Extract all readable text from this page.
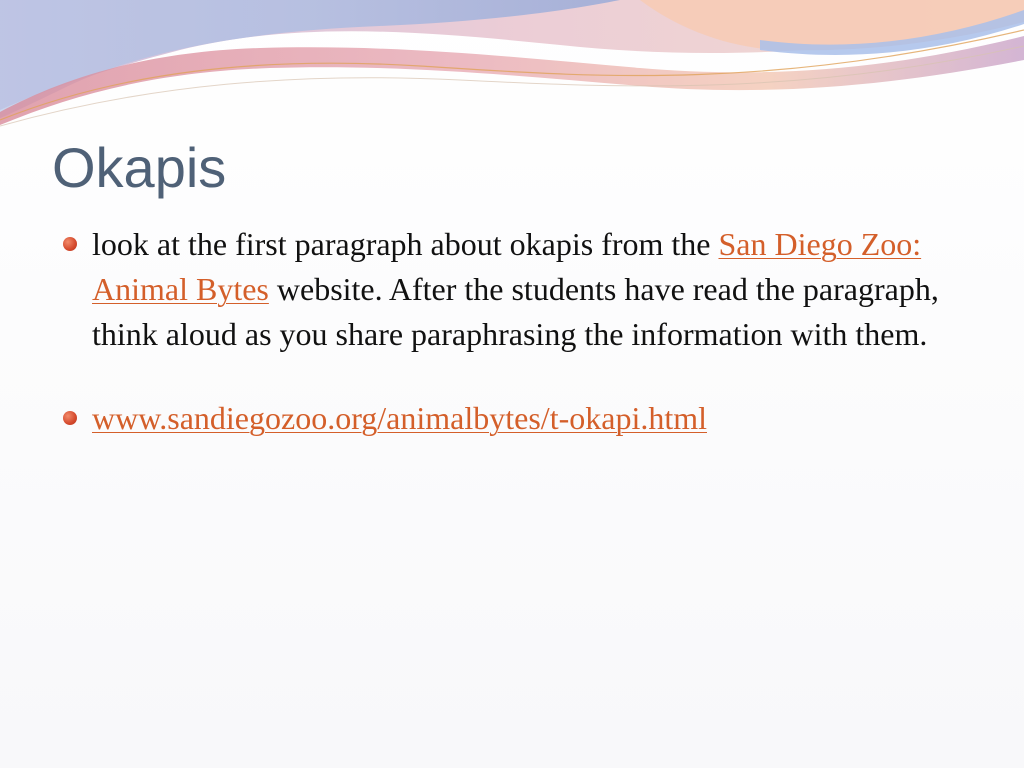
Okapis
look at the first paragraph about okapis from the San Diego Zoo: Animal Bytes website. After the students have read the paragraph, think aloud as you share paraphrasing the information with them.
www.sandiegozoo.org/animalbytes/t-okapi.html
